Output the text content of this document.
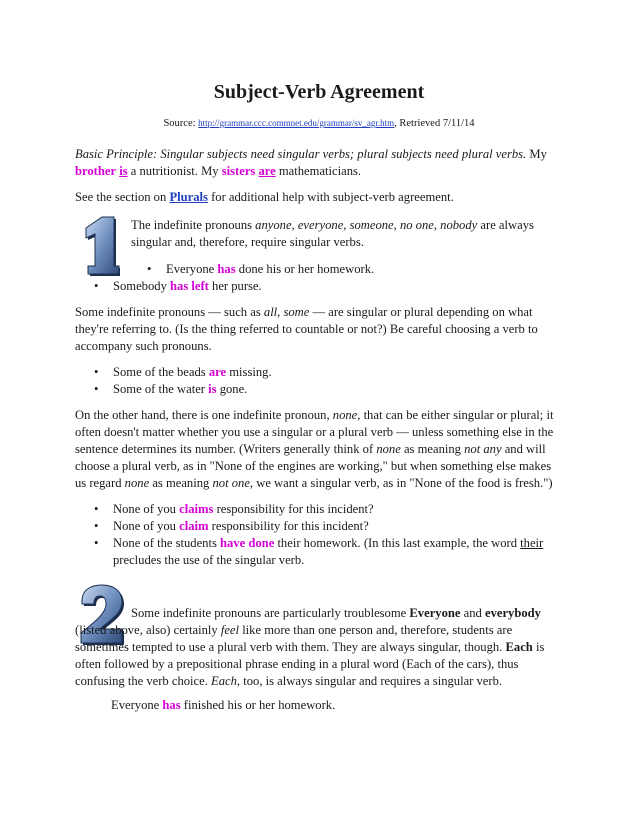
Subject-Verb Agreement
Source: http://grammar.ccc.commnet.edu/grammar/sv_agr.htm, Retrieved 7/11/14
Basic Principle: Singular subjects need singular verbs; plural subjects need plural verbs. My
brother is a nutritionist. My sisters are mathematicians.
See the section on Plurals for additional help with subject-verb agreement.
The indefinite pronouns anyone, everyone, someone, no one, nobody are always singular and, therefore, require singular verbs.
• Everyone has done his or her homework.
• Somebody has left her purse.
Some indefinite pronouns — such as all, some — are singular or plural depending on what they're referring to. (Is the thing referred to countable or not?) Be careful choosing a verb to accompany such pronouns.
• Some of the beads are missing.
• Some of the water is gone.
On the other hand, there is one indefinite pronoun, none, that can be either singular or plural; it often doesn't matter whether you use a singular or a plural verb — unless something else in the sentence determines its number. (Writers generally think of none as meaning not any and will choose a plural verb, as in "None of the engines are working," but when something else makes us regard none as meaning not one, we want a singular verb, as in "None of the food is fresh.")
• None of you claims responsibility for this incident?
• None of you claim responsibility for this incident?
• None of the students have done their homework. (In this last example, the word their precludes the use of the singular verb.
Some indefinite pronouns are particularly troublesome Everyone and everybody (listed above, also) certainly feel like more than one person and, therefore, students are sometimes tempted to use a plural verb with them. They are always singular, though. Each is often followed by a prepositional phrase ending in a plural word (Each of the cars), thus confusing the verb choice. Each, too, is always singular and requires a singular verb.
Everyone has finished his or her homework.
